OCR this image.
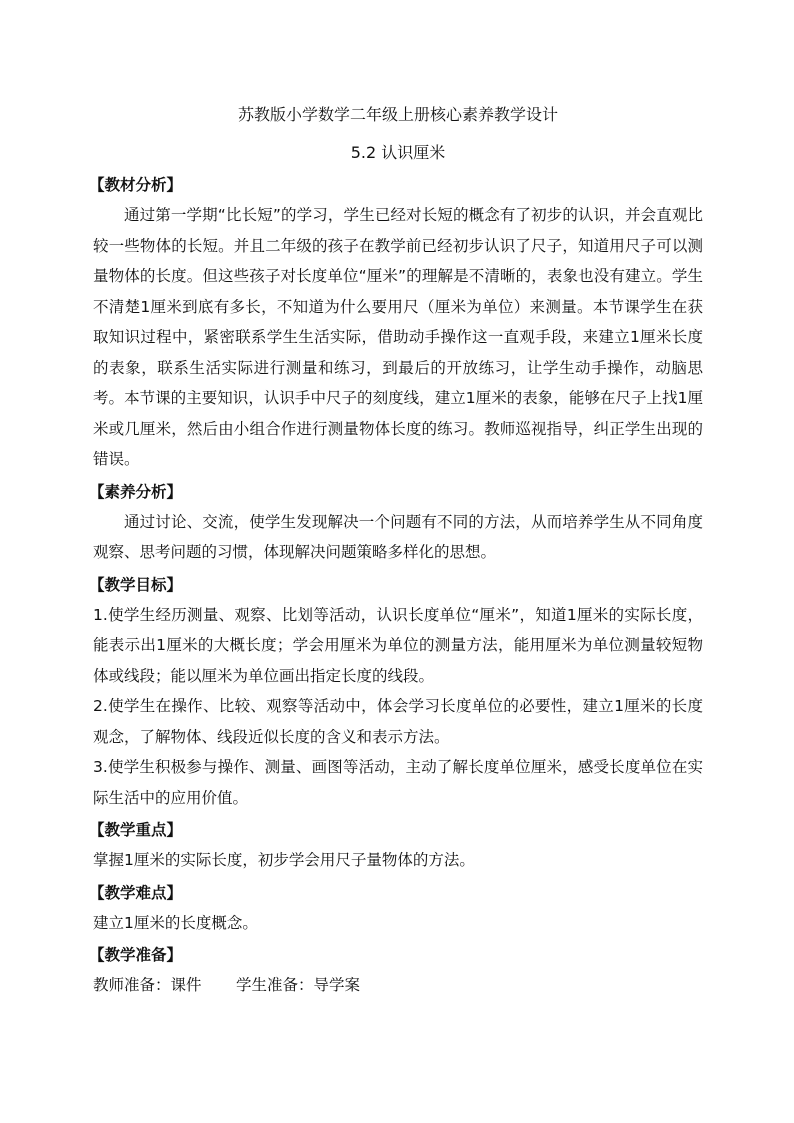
苏教版小学数学二年级上册核心素养教学设计
5.2 认识厘米
【教材分析】

通过第一学期“比长短”的学习，学生已经对长短的概念有了初步的认识，并会直观比较一些物体的长短。并且二年级的孩子在教学前已经初步认识了尺子，知道用尺子可以测量物体的长度。但这些孩子对长度单位“厘米”的理解是不清晰的，表象也没有建立。学生不清楚1厘米到底有多长，不知道为什么要用尺（厘米为单位）来测量。本节课学生在获取知识过程中，紧密联系学生生活实际，借助动手操作这一直观手段，来建立1厘米长度的表象，联系生活实际进行测量和练习，到最后的开放练习，让学生动手操作，动脑思考。本节课的主要知识，认识手中尺子的刻度线，建立1厘米的表象，能够在尺子上找1厘米或几厘米，然后由小组合作进行测量物体长度的练习。教师巡视指导，纠正学生出现的错误。

【素养分析】

通过讨论、交流，使学生发现解决一个问题有不同的方法，从而培养学生从不同角度观察、思考问题的习惯，体现解决问题策略多样化的思想。

【教学目标】

1.使学生经历测量、观察、比划等活动，认识长度单位“厘米”，知道1厘米的实际长度，能表示出1厘米的大概长度；学会用厘米为单位的测量方法，能用厘米为单位测量较短物体或线段；能以厘米为单位画出指定长度的线段。

2.使学生在操作、比较、观察等活动中，体会学习长度单位的必要性，建立1厘米的长度观念，了解物体、线段近似长度的含义和表示方法。

3.使学生积极参与操作、测量、画图等活动，主动了解长度单位厘米，感受长度单位在实际生活中的应用价值。

【教学重点】

掌握1厘米的实际长度，初步学会用尺子量物体的方法。

【教学难点】

建立1厘米的长度概念。

【教学准备】
教师准备：课件 学生准备：导学案
